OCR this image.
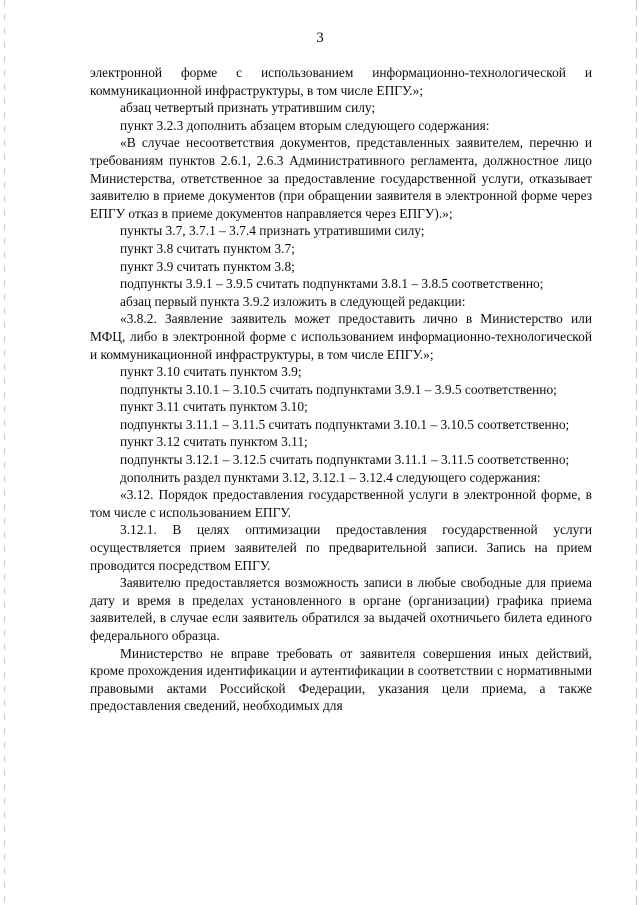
3

электронной форме с использованием информационно-технологической и коммуникационной инфраструктуры, в том числе ЕПГУ.»;

абзац четвертый признать утратившим силу;

пункт 3.2.3 дополнить абзацем вторым следующего содержания:

«В случае несоответствия документов, представленных заявителем, перечню и требованиям пунктов 2.6.1, 2.6.3 Административного регламента, должностное лицо Министерства, ответственное за предоставление государственной услуги, отказывает заявителю в приеме документов (при обращении заявителя в электронной форме через ЕПГУ отказ в приеме документов направляется через ЕПГУ).»;

пункты 3.7, 3.7.1 – 3.7.4 признать утратившими силу;

пункт 3.8 считать пунктом 3.7;

пункт 3.9 считать пунктом 3.8;

подпункты 3.9.1 – 3.9.5 считать подпунктами 3.8.1 – 3.8.5 соответственно;

абзац первый пункта 3.9.2 изложить в следующей редакции:

«3.8.2. Заявление заявитель может предоставить лично в Министерство или МФЦ, либо в электронной форме с использованием информационно-технологической и коммуникационной инфраструктуры, в том числе ЕПГУ.»;

пункт 3.10 считать пунктом 3.9;

подпункты 3.10.1 – 3.10.5 считать подпунктами 3.9.1 – 3.9.5 соответственно;

пункт 3.11 считать пунктом 3.10;

подпункты 3.11.1 – 3.11.5 считать подпунктами 3.10.1 – 3.10.5 соответственно;

пункт 3.12 считать пунктом 3.11;

подпункты 3.12.1 – 3.12.5 считать подпунктами 3.11.1 – 3.11.5 соответственно;

дополнить раздел пунктами 3.12, 3.12.1 – 3.12.4 следующего содержания:

«3.12. Порядок предоставления государственной услуги в электронной форме, в том числе с использованием ЕПГУ.

3.12.1. В целях оптимизации предоставления государственной услуги осуществляется прием заявителей по предварительной записи. Запись на прием проводится посредством ЕПГУ.

Заявителю предоставляется возможность записи в любые свободные для приема дату и время в пределах установленного в органе (организации) графика приема заявителей, в случае если заявитель обратился за выдачей охотничьего билета единого федерального образца.

Министерство не вправе требовать от заявителя совершения иных действий, кроме прохождения идентификации и аутентификации в соответствии с нормативными правовыми актами Российской Федерации, указания цели приема, а также предоставления сведений, необходимых для
